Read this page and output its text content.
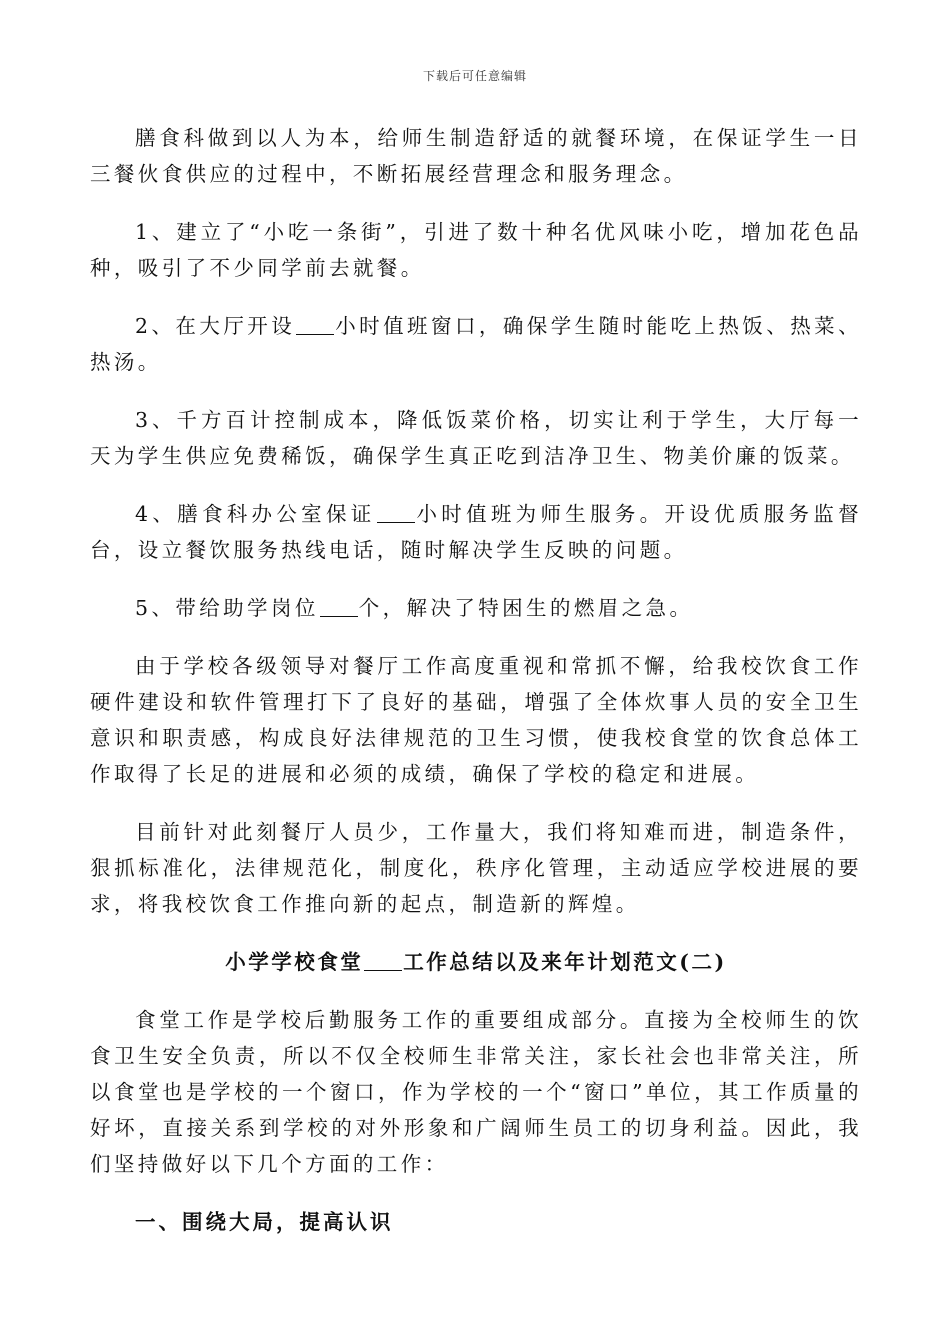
下载后可任意编辑

膳食科做到以人为本，给师生制造舒适的就餐环境，在保证学生一日三餐伙食供应的过程中，不断拓展经营理念和服务理念。

1、建立了“小吃一条街”，引进了数十种名优风味小吃，增加花色品种，吸引了不少同学前去就餐。

2、在大厅开设 小时值班窗口，确保学生随时能吃上热饭、热菜、热汤。

3、千方百计控制成本，降低饭菜价格，切实让利于学生，大厅每一天为学生供应免费稀饭，确保学生真正吃到洁净卫生、物美价廉的饭菜。

4、膳食科办公室保证 小时值班为师生服务。开设优质服务监督台，设立餐饮服务热线电话，随时解决学生反映的问题。

5、带给助学岗位 个，解决了特困生的燃眉之急。

由于学校各级领导对餐厅工作高度重视和常抓不懈，给我校饮食工作硬件建设和软件管理打下了良好的基础，增强了全体炊事人员的安全卫生意识和职责感，构成良好法律规范的卫生习惯，使我校食堂的饮食总体工作取得了长足的进展和必须的成绩，确保了学校的稳定和进展。

目前针对此刻餐厅人员少，工作量大，我们将知难而进，制造条件，狠抓标准化，法律规范化，制度化，秩序化管理，主动适应学校进展的要求，将我校饮食工作推向新的起点，制造新的辉煌。

小学学校食堂 工作总结以及来年计划范文(二)

食堂工作是学校后勤服务工作的重要组成部分。直接为全校师生的饮食卫生安全负责，所以不仅全校师生非常关注，家长社会也非常关注，所以食堂也是学校的一个窗口，作为学校的一个“窗口”单位，其工作质量的好坏，直接关系到学校的对外形象和广阔师生员工的切身利益。因此，我们坚持做好以下几个方面的工作：

一、围绕大局，提高认识
